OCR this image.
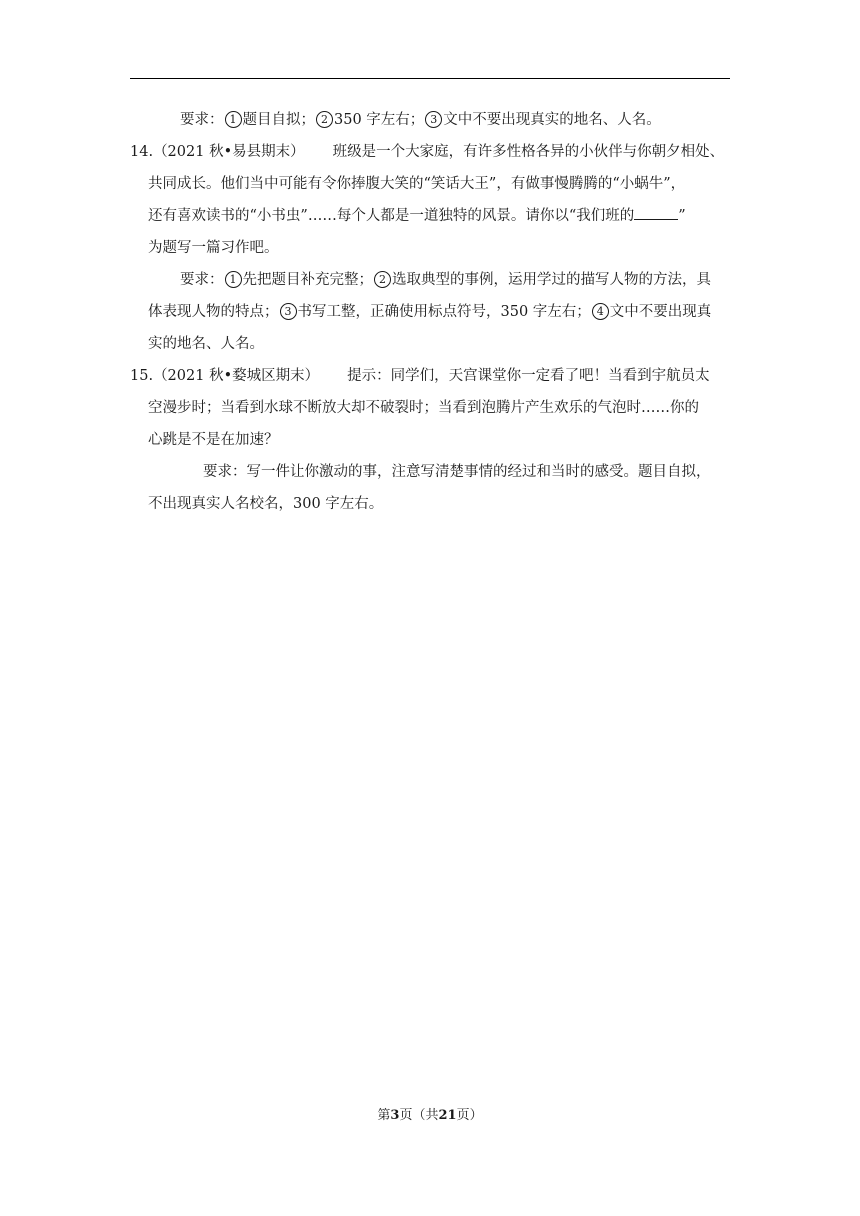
要求： 1 题目自拟； 2 350 字左右； 3 文中不要出现真实的地名、人名。
14.（2021 秋•易县期末） 班级是一个大家庭，有许多性格各异的小伙伴与你朝夕相处、
共同成长。他们当中可能有令你捧腹大笑的“笑话大王”，有做事慢腾腾的“小蜗牛”，
还有喜欢读书的“小书虫”……每个人都是一道独特的风景。请你以“我们班的	”
为题写一篇习作吧。
要求： 1 先把题目补充完整； 2 选取典型的事例，运用学过的描写人物的方法，具
体表现人物的特点； 3 书写工整，正确使用标点符号，350 字左右； 4 文中不要出现真
实的地名、人名。
15.（2021 秋•婺城区期末） 提示：同学们，天宫课堂你一定看了吧！当看到宇航员太
空漫步时；当看到水球不断放大却不破裂时；当看到泡腾片产生欢乐的气泡时……你的
心跳是不是在加速？
要求：写一件让你激动的事，注意写清楚事情的经过和当时的感受。题目自拟，
不出现真实人名校名，300 字左右。
第3页（共21页）
